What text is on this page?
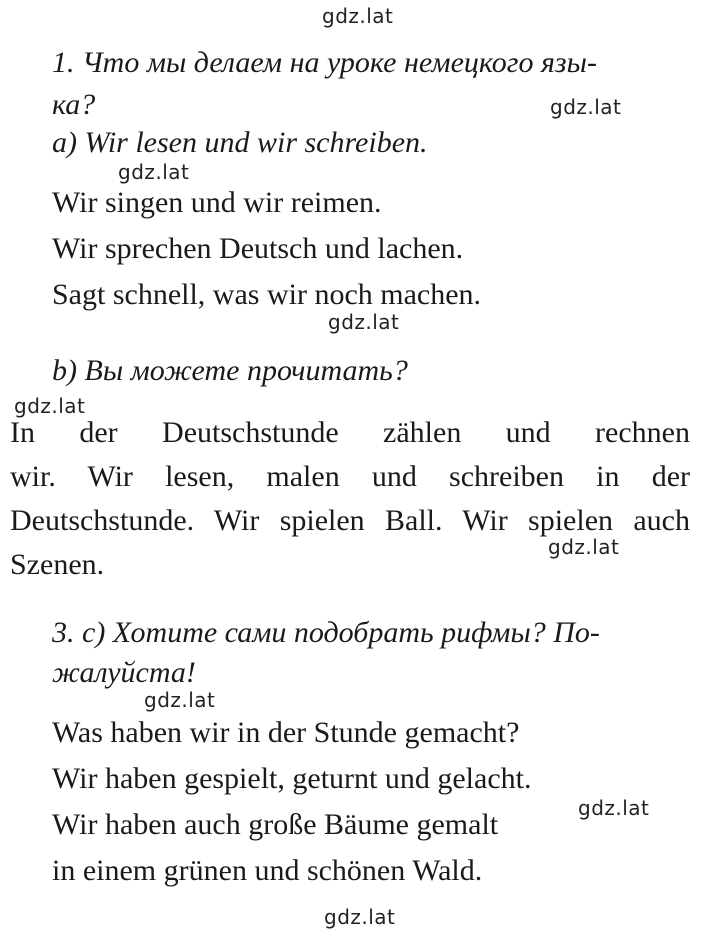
gdz.lat
gdz.lat
gdz.lat
gdz.lat
gdz.lat
gdz.lat
gdz.lat
gdz.lat
gdz.lat
1. Что мы делаем на уроке немецкого язы-
ка?
a) Wir lesen und wir schreiben.
Wir singen und wir reimen.
Wir sprechen Deutsch und lachen.
Sagt schnell, was wir noch machen.
b) Вы можете прочитать?
In der Deutschstunde zählen und rechnen
wir. Wir lesen, malen und schreiben in der
Deutschstunde. Wir spielen Ball. Wir spielen auch
Szenen.
3. c) Хотите сами подобрать рифмы? По-
жалуйста!
Was haben wir in der Stunde gemacht?
Wir haben gespielt, geturnt und gelacht.
Wir haben auch große Bäume gemalt
in einem grünen und schönen Wald.
